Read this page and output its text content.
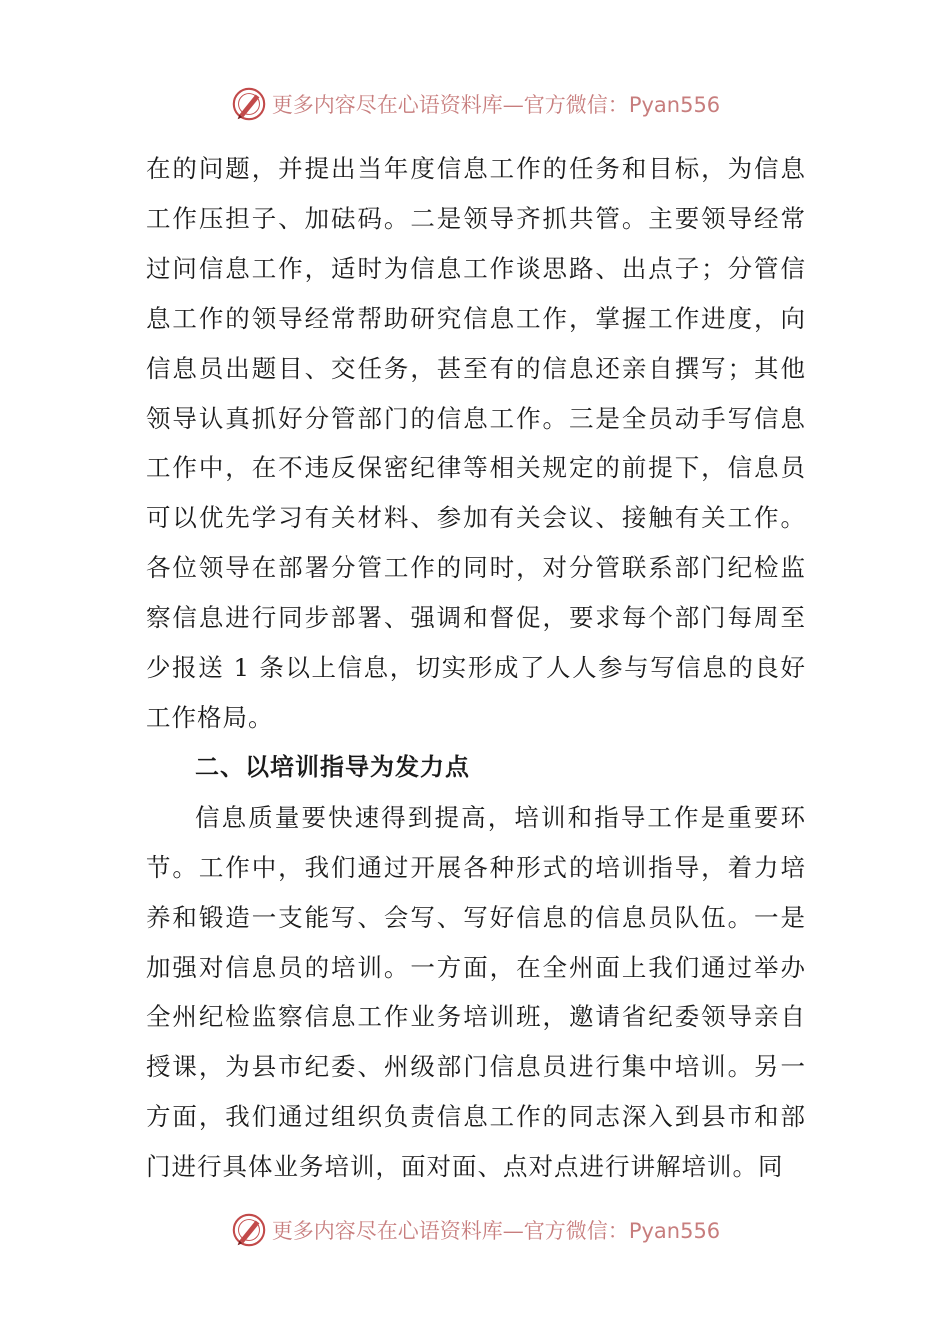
更多内容尽在心语资料库—官方微信：Pyan556

在的问题，并提出当年度信息工作的任务和目标，为信息工作压担子、加砝码。二是领导齐抓共管。主要领导经常过问信息工作，适时为信息工作谈思路、出点子；分管信息工作的领导经常帮助研究信息工作，掌握工作进度，向信息员出题目、交任务，甚至有的信息还亲自撰写；其他领导认真抓好分管部门的信息工作。三是全员动手写信息工作中，在不违反保密纪律等相关规定的前提下，信息员可以优先学习有关材料、参加有关会议、接触有关工作。各位领导在部署分管工作的同时，对分管联系部门纪检监察信息进行同步部署、强调和督促，要求每个部门每周至少报送 1 条以上信息，切实形成了人人参与写信息的良好工作格局。

二、以培训指导为发力点

信息质量要快速得到提高，培训和指导工作是重要环节。工作中，我们通过开展各种形式的培训指导，着力培养和锻造一支能写、会写、写好信息的信息员队伍。一是加强对信息员的培训。一方面，在全州面上我们通过举办全州纪检监察信息工作业务培训班，邀请省纪委领导亲自授课，为县市纪委、州级部门信息员进行集中培训。另一方面，我们通过组织负责信息工作的同志深入到县市和部门进行具体业务培训，面对面、点对点进行讲解培训。同

更多内容尽在心语资料库—官方微信：Pyan556
